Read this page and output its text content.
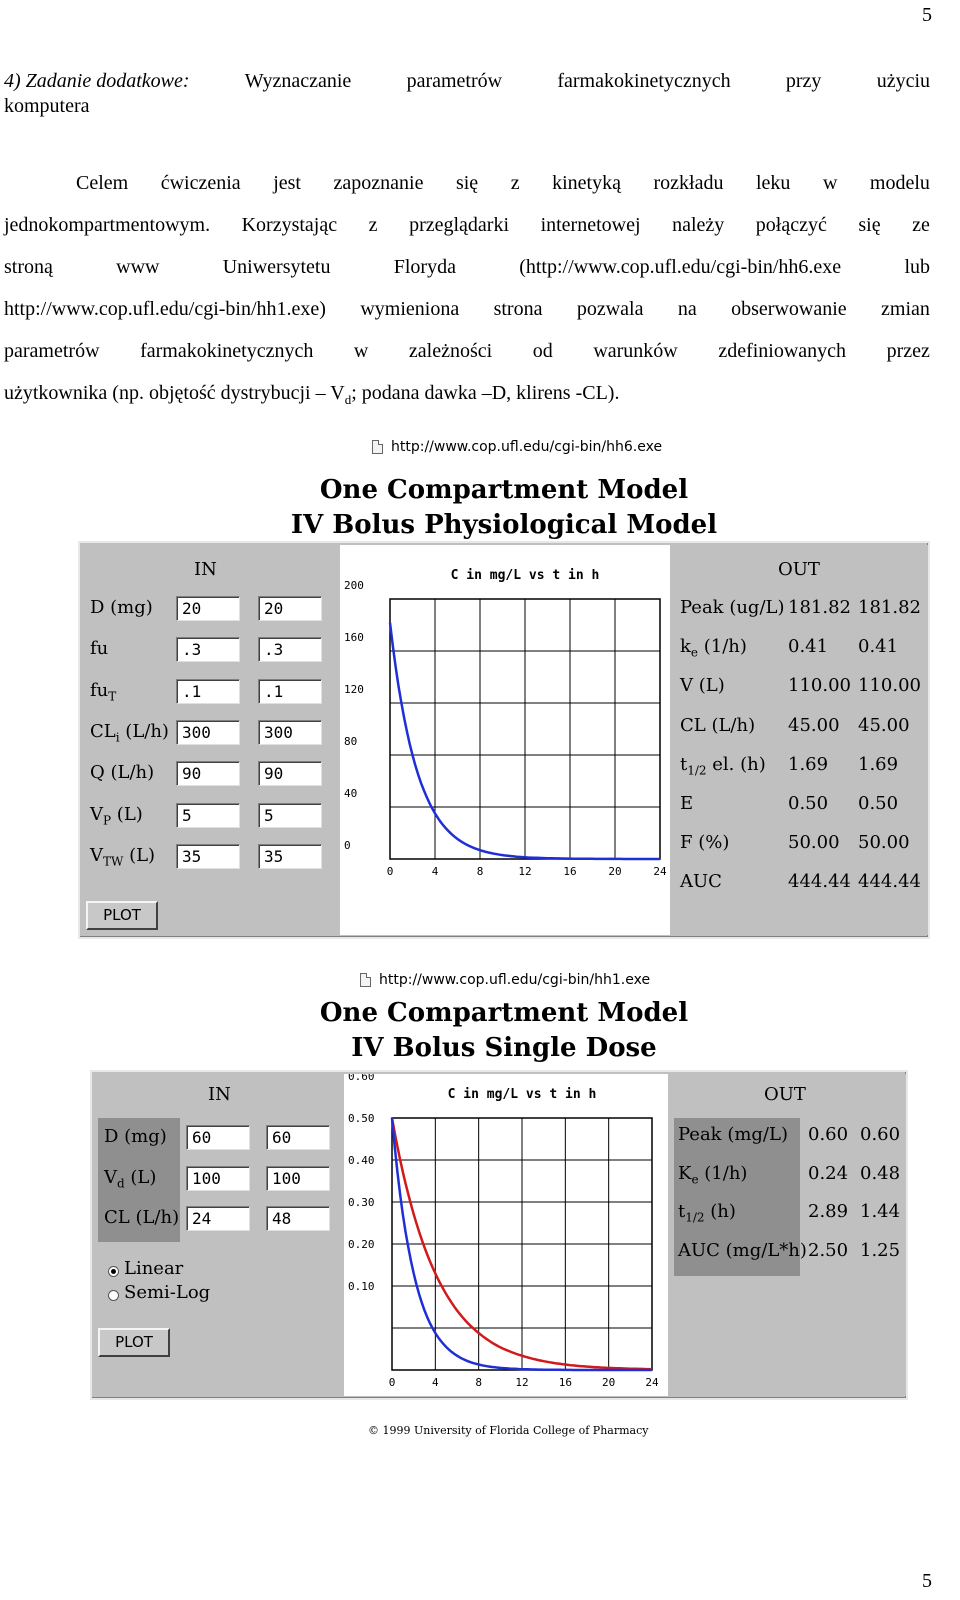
5
5
4) Zadanie dodatkowe:	Wyznaczanie	parametrów	farmakokinetycznych	przy	użyciu
komputera
Celem ćwiczenia jest zapoznanie się z kinetyką rozkładu leku w modelu
jednokompartmentowym. Korzystając z przeglądarki internetowej należy połączyć się ze
stroną	www	Uniwersytetu	Floryda	(http://www.cop.ufl.edu/cgi-bin/hh6.exe	lub
http://www.cop.ufl.edu/cgi-bin/hh1.exe) wymieniona strona pozwala na obserwowanie zmian
parametrów farmakokinetycznych w zależności od warunków zdefiniowanych przez
użytkownika (np. objętość dystrybucji – $V_d$; podana dawka –D, klirens -CL).
http://www.cop.ufl.edu/cgi-bin/hh6.exe
One Compartment Model
IV Bolus Physiological Model
IN
D (mg)	20	20
fu	.3	.3
$fu_T$	.1	.1
$CL_i$ (L/h) 300	300
Q (L/h)	90	90
$V_P$ (L)	5	5
$V_{TW}$ (L)	35	35
PLOT
C in mg/L vs t in h
0
40
80
120
160
200
0	4	8	12	16	20	24
OUT
Peak (ug/L) 181.82 181.82
$k_e$ (1/h) 0.41 0.41
V (L)	110.00 110.00
CL (L/h) 45.00 45.00
$t_{1/2}$ el. (h) 1.69 1.69
E	0.50 0.50
F (%)	50.00 50.00
AUC	444.44 444.44
http://www.cop.ufl.edu/cgi-bin/hh1.exe
One Compartment Model
IV Bolus Single Dose
IN
D (mg)	60	60
$V_d$ (L)	100	100
CL (L/h) 24	48
Linear
Semi-Log
PLOT
C in mg/L vs t in h
0.10
0.20
0.30
0.40
0.50
0.60
0	4	8	12	16	20	24
OUT
Peak (mg/L) 0.60 0.60
$K_e$ (1/h)	0.24 0.48
$t_{1/2}$ (h)	2.89 1.44
AUC (mg/L*h) 2.50 1.25
© 1999 University of Florida College of Pharmacy
